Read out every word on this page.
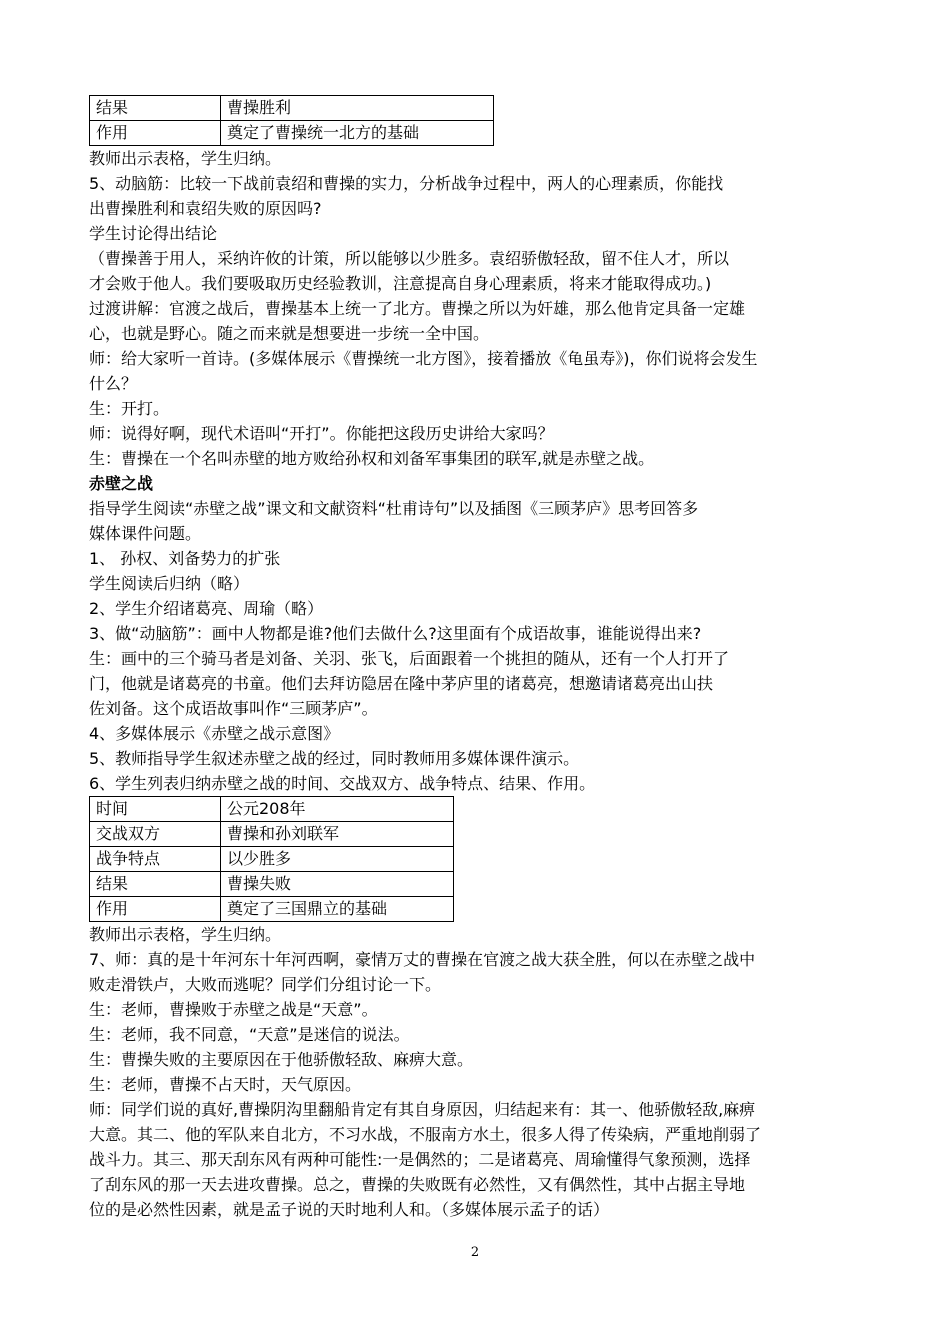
结果	曹操胜利
作用	奠定了曹操统一北方的基础

教师出示表格，学生归纳。

5、动脑筋：比较一下战前袁绍和曹操的实力，分析战争过程中，两人的心理素质，你能找

出曹操胜利和袁绍失败的原因吗?

学生讨论得出结论

（曹操善于用人，采纳许攸的计策，所以能够以少胜多。袁绍骄傲轻敌，留不住人才，所以

才会败于他人。我们要吸取历史经验教训，注意提高自身心理素质，将来才能取得成功。)

过渡讲解：官渡之战后，曹操基本上统一了北方。曹操之所以为奸雄，那么他肯定具备一定雄

心，也就是野心。随之而来就是想要进一步统一全中国。

师：给大家听一首诗。(多媒体展示《曹操统一北方图》，接着播放《龟虽寿》)，你们说将会发生

什么？

生：开打。

师：说得好啊，现代术语叫“开打”。你能把这段历史讲给大家吗？

生：曹操在一个名叫赤壁的地方败给孙权和刘备军事集团的联军,就是赤壁之战。

赤壁之战

指导学生阅读“赤壁之战”课文和文献资料“杜甫诗句”以及插图《三顾茅庐》思考回答多

媒体课件问题。

1、 孙权、刘备势力的扩张

学生阅读后归纳（略）

2、学生介绍诸葛亮、周瑜（略）

3、做“动脑筋”：画中人物都是谁?他们去做什么?这里面有个成语故事，谁能说得出来?

生：画中的三个骑马者是刘备、关羽、张飞，后面跟着一个挑担的随从，还有一个人打开了

门，他就是诸葛亮的书童。他们去拜访隐居在隆中茅庐里的诸葛亮，想邀请诸葛亮出山扶

佐刘备。这个成语故事叫作“三顾茅庐”。

4、多媒体展示《赤壁之战示意图》

5、教师指导学生叙述赤壁之战的经过，同时教师用多媒体课件演示。

6、学生列表归纳赤壁之战的时间、交战双方、战争特点、结果、作用。

时间	公元208年
交战双方	曹操和孙刘联军
战争特点	以少胜多
结果	曹操失败
作用	奠定了三国鼎立的基础

教师出示表格，学生归纳。

7、师：真的是十年河东十年河西啊，豪情万丈的曹操在官渡之战大获全胜，何以在赤壁之战中

败走滑铁卢，大败而逃呢？同学们分组讨论一下。

生：老师，曹操败于赤壁之战是“天意”。

生：老师，我不同意，“天意”是迷信的说法。

生：曹操失败的主要原因在于他骄傲轻敌、麻痹大意。

生：老师，曹操不占天时，天气原因。

师：同学们说的真好,曹操阴沟里翻船肯定有其自身原因，归结起来有：其一、他骄傲轻敌,麻痹

大意。其二、他的军队来自北方，不习水战，不服南方水土，很多人得了传染病，严重地削弱了

战斗力。其三、那天刮东风有两种可能性:一是偶然的；二是诸葛亮、周瑜懂得气象预测，选择

了刮东风的那一天去进攻曹操。总之，曹操的失败既有必然性，又有偶然性，其中占据主导地

位的是必然性因素，就是孟子说的天时地利人和。（多媒体展示孟子的话）

2
